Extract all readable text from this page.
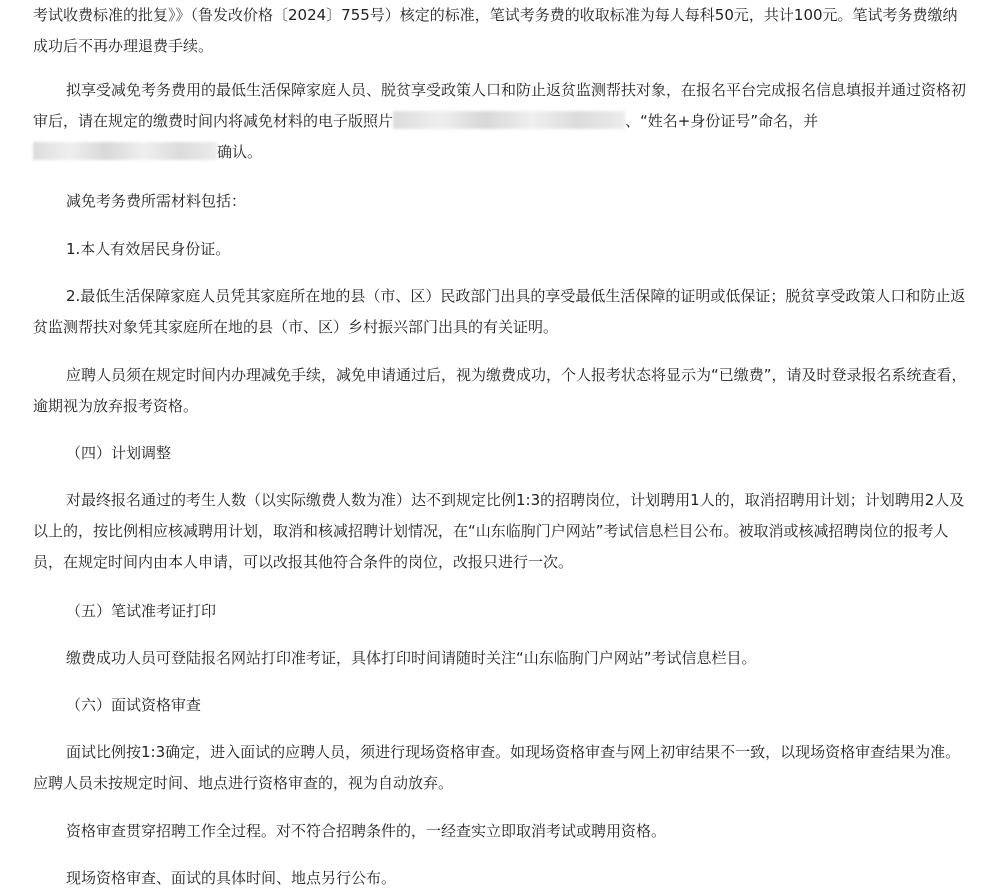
考试收费标准的批复》》（鲁发改价格〔2024〕755号）核定的标准，笔试考务费的收取标准为每人每科50元，共计100元。笔试考务费缴纳成功后不再办理退费手续。

拟享受减免考务费用的最低生活保障家庭人员、脱贫享受政策人口和防止返贫监测帮扶对象，在报名平台完成报名信息填报并通过资格初审后，请在规定的缴费时间内将减免材料的电子版照片	、“姓名+身份证号”命名，并
确认。

减免考务费所需材料包括：

1.本人有效居民身份证。

2.最低生活保障家庭人员凭其家庭所在地的县（市、区）民政部门出具的享受最低生活保障的证明或低保证；脱贫享受政策人口和防止返贫监测帮扶对象凭其家庭所在地的县（市、区）乡村振兴部门出具的有关证明。

应聘人员须在规定时间内办理减免手续，减免申请通过后，视为缴费成功，个人报考状态将显示为“已缴费”，请及时登录报名系统查看，逾期视为放弃报考资格。

（四）计划调整

对最终报名通过的考生人数（以实际缴费人数为准）达不到规定比例1:3的招聘岗位，计划聘用1人的，取消招聘用计划；计划聘用2人及以上的，按比例相应核减聘用计划，取消和核减招聘计划情况，在“山东临朐门户网站”考试信息栏目公布。被取消或核减招聘岗位的报考人员，在规定时间内由本人申请，可以改报其他符合条件的岗位，改报只进行一次。

（五）笔试准考证打印

缴费成功人员可登陆报名网站打印准考证，具体打印时间请随时关注“山东临朐门户网站”考试信息栏目。

（六）面试资格审查

面试比例按1:3确定，进入面试的应聘人员，须进行现场资格审查。如现场资格审查与网上初审结果不一致，以现场资格审查结果为准。应聘人员未按规定时间、地点进行资格审查的，视为自动放弃。

资格审查贯穿招聘工作全过程。对不符合招聘条件的，一经查实立即取消考试或聘用资格。

现场资格审查、面试的具体时间、地点另行公布。
